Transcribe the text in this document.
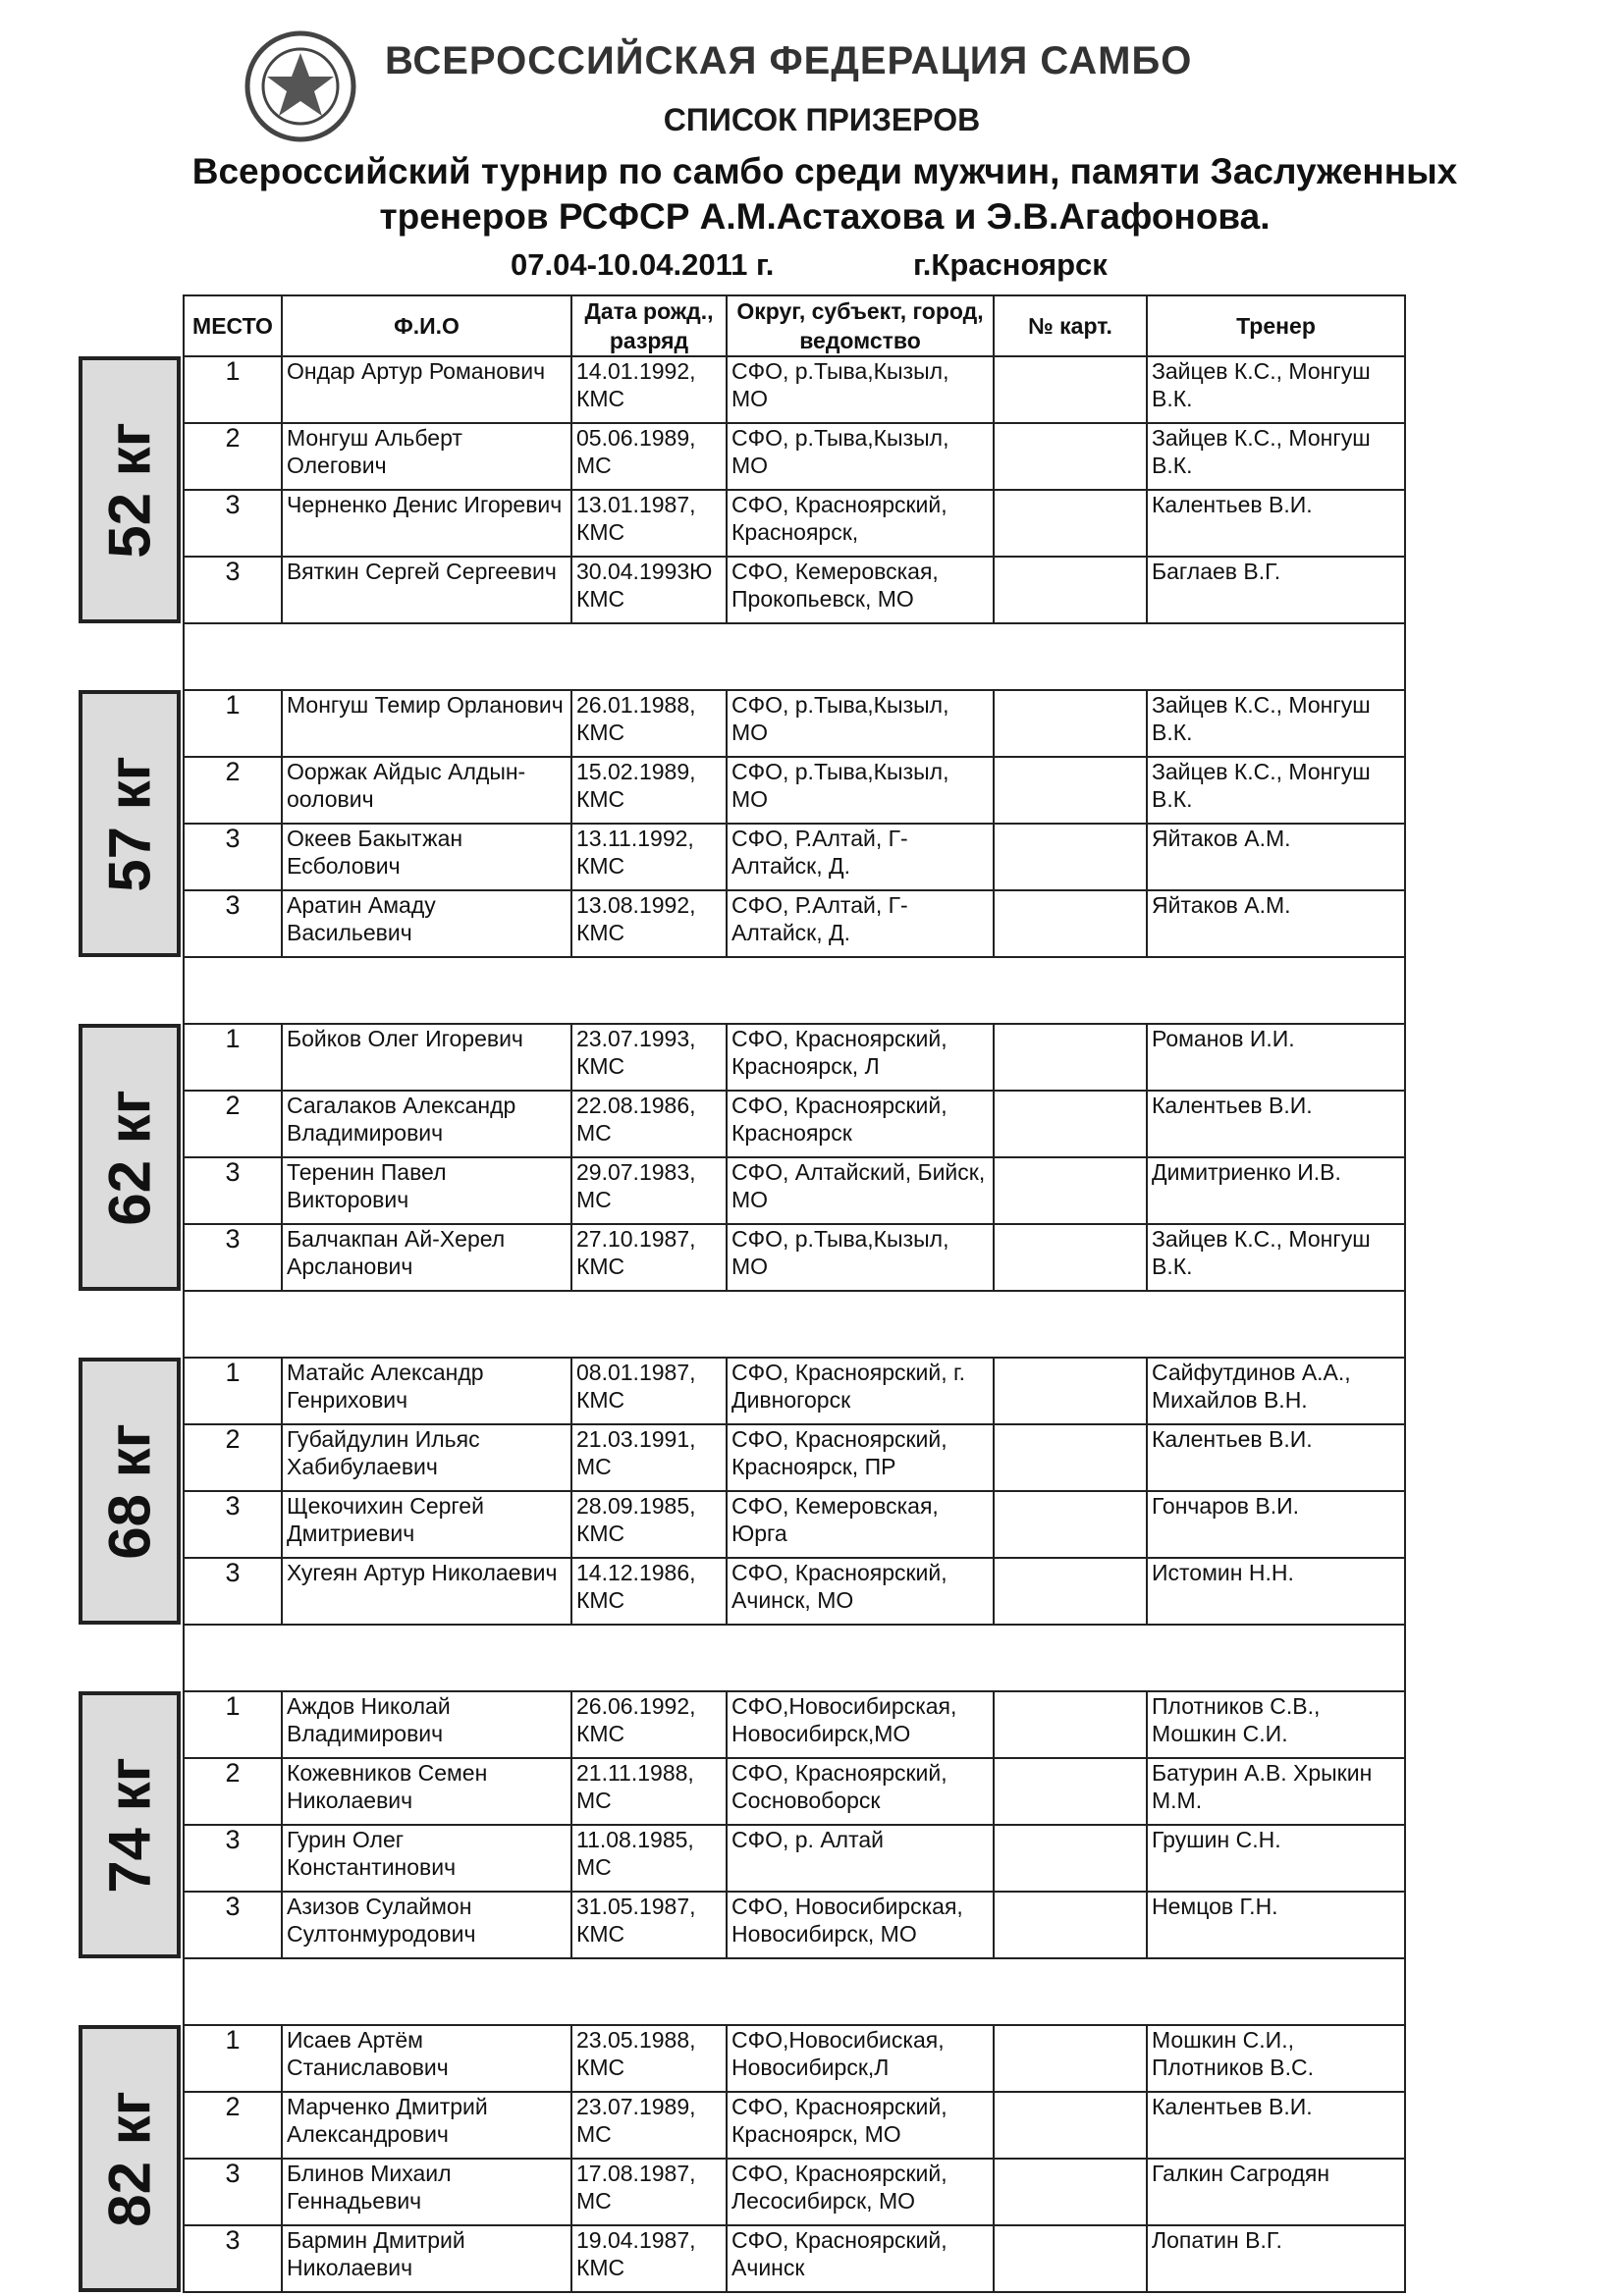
ВСЕРОССИЙСКАЯ ФЕДЕРАЦИЯ САМБО
СПИСОК ПРИЗЕРОВ
Всероссийский турнир по самбо среди мужчин, памяти Заслуженных
тренеров РСФСР А.М.Астахова и Э.В.Агафонова.
07.04-10.04.2011 г.	г.Красноярск
52 кг
57 кг
62 кг
68 кг
74 кг
82 кг
МЕСТО	Ф.И.О	Дата рожд., разряд	Округ, субъект, город, ведомство	№ карт.	Тренер
1	Ондар Артур Романович	14.01.1992, КМС	СФО, р.Тыва,Кызыл, МО		Зайцев К.С., Монгуш В.К.
2	Монгуш Альберт Олегович	05.06.1989, МС	СФО, р.Тыва,Кызыл, МО		Зайцев К.С., Монгуш В.К.
3	Черненко Денис Игоревич	13.01.1987, КМС	СФО, Красноярский, Красноярск,		Калентьев В.И.
3	Вяткин Сергей Сергеевич	30.04.1993Ю КМС	СФО, Кемеровская, Прокопьевск, МО		Баглаев В.Г.

1	Монгуш Темир Орланович	26.01.1988, КМС	СФО, р.Тыва,Кызыл, МО		Зайцев К.С., Монгуш В.К.
2	Ооржак Айдыс Алдын-оолович	15.02.1989, КМС	СФО, р.Тыва,Кызыл, МО		Зайцев К.С., Монгуш В.К.
3	Океев Бакытжан Есболович	13.11.1992, КМС	СФО, Р.Алтай, Г-Алтайск, Д.		Яйтаков А.М.
3	Аратин Амаду Васильевич	13.08.1992, КМС	СФО, Р.Алтай, Г-Алтайск, Д.		Яйтаков А.М.

1	Бойков Олег Игоревич	23.07.1993, КМС	СФО, Красноярский, Красноярск, Л		Романов И.И.
2	Сагалаков Александр Владимирович	22.08.1986, МС	СФО, Красноярский, Красноярск		Калентьев В.И.
3	Теренин Павел Викторович	29.07.1983, МС	СФО, Алтайский, Бийск, МО		Димитриенко И.В.
3	Балчакпан Ай-Херел Арсланович	27.10.1987, КМС	СФО, р.Тыва,Кызыл, МО		Зайцев К.С., Монгуш В.К.

1	Матайс Александр Генрихович	08.01.1987, КМС	СФО, Красноярский, г. Дивногорск		Сайфутдинов А.А., Михайлов В.Н.
2	Губайдулин Ильяс Хабибулаевич	21.03.1991, МС	СФО, Красноярский, Красноярск, ПР		Калентьев В.И.
3	Щекочихин Сергей Дмитриевич	28.09.1985, КМС	СФО, Кемеровская, Юрга		Гончаров В.И.
3	Хугеян Артур Николаевич	14.12.1986, КМС	СФО, Красноярский, Ачинск, МО		Истомин Н.Н.

1	Аждов Николай Владимирович	26.06.1992, КМС	СФО,Новосибирская, Новосибирск,МО		Плотников С.В., Мошкин С.И.
2	Кожевников Семен Николаевич	21.11.1988, МС	СФО, Красноярский, Сосновоборск		Батурин А.В. Хрыкин М.М.
3	Гурин Олег Константинович	11.08.1985, МС	СФО, р. Алтай		Грушин С.Н.
3	Азизов Сулаймон Султонмуродович	31.05.1987, КМС	СФО, Новосибирская, Новосибирск, МО		Немцов Г.Н.

1	Исаев Артём Станиславович	23.05.1988, КМС	СФО,Новосибиская, Новосибирск,Л		Мошкин С.И., Плотников В.С.
2	Марченко Дмитрий Александрович	23.07.1989, МС	СФО, Красноярский, Красноярск, МО		Калентьев В.И.
3	Блинов Михаил Геннадьевич	17.08.1987, МС	СФО, Красноярский, Лесосибирск, МО		Галкин Сагродян
3	Бармин Дмитрий Николаевич	19.04.1987, КМС	СФО, Красноярский, Ачинск		Лопатин В.Г.
